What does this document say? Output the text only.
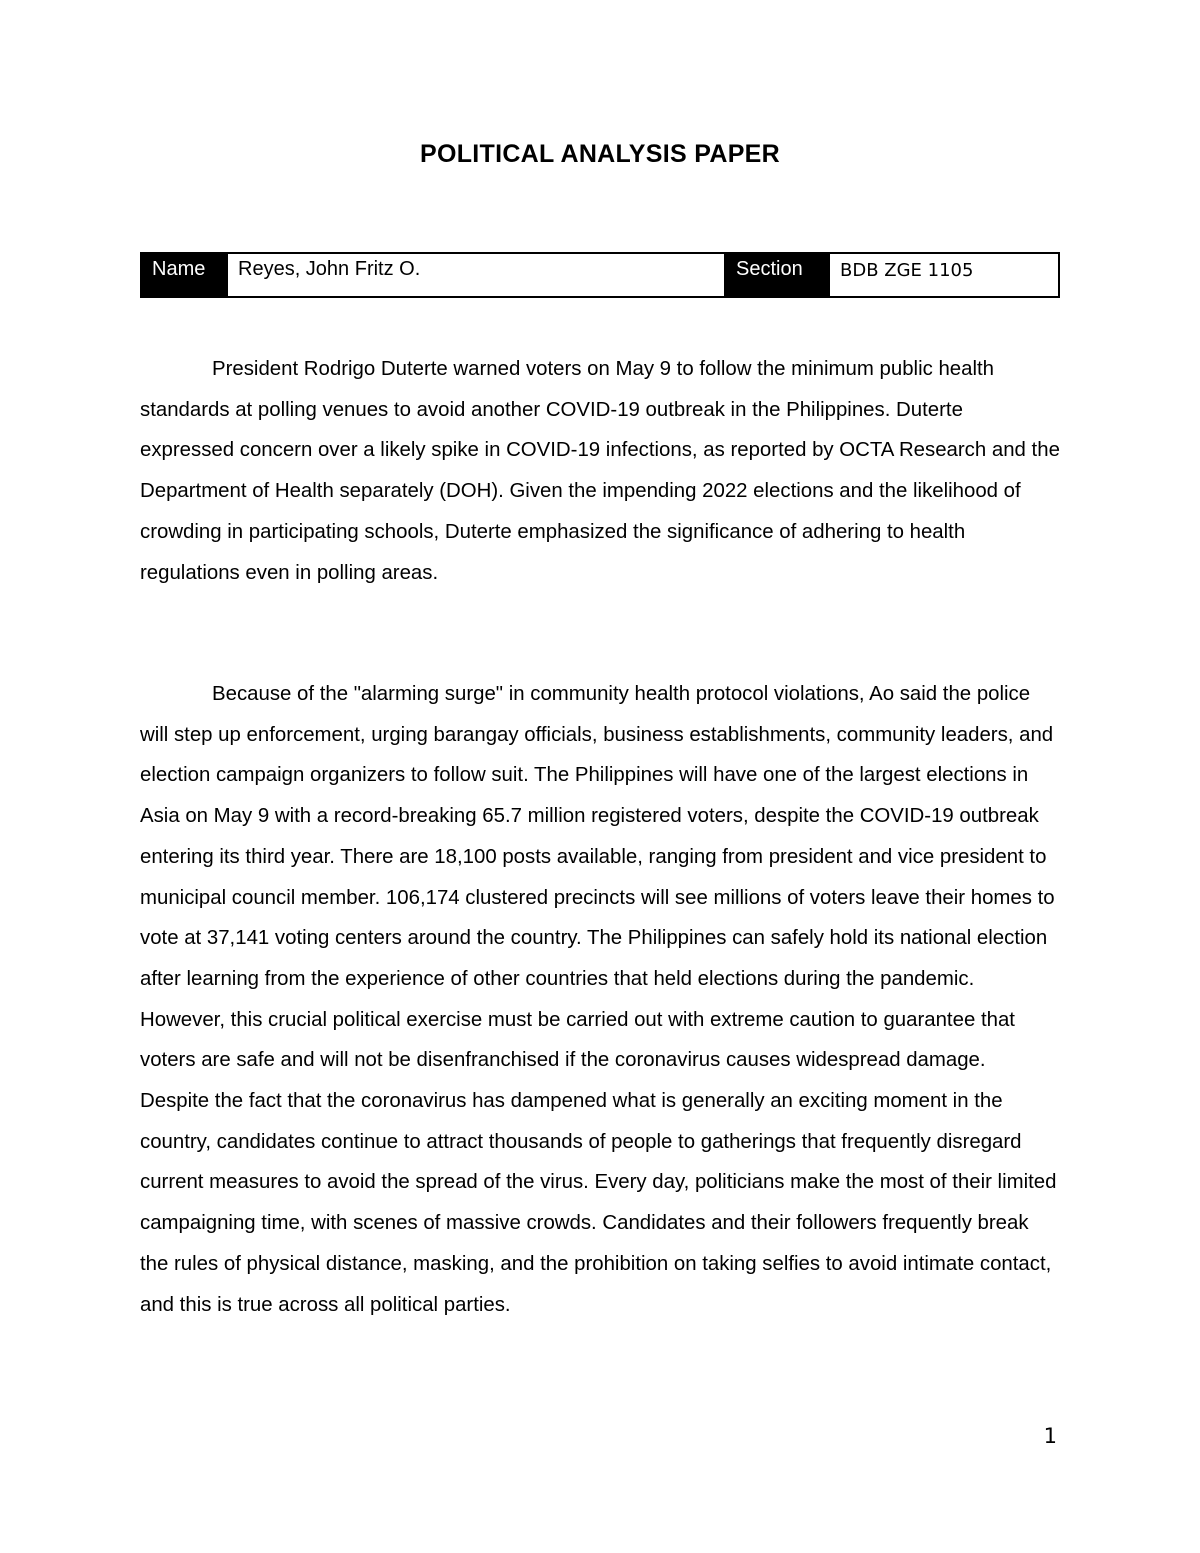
POLITICAL ANALYSIS PAPER
Name	Reyes, John Fritz O.	Section	BDB ZGE 1105

President Rodrigo Duterte warned voters on May 9 to follow the minimum public health standards at polling venues to avoid another COVID-19 outbreak in the Philippines. Duterte expressed concern over a likely spike in COVID-19 infections, as reported by OCTA Research and the Department of Health separately (DOH). Given the impending 2022 elections and the likelihood of crowding in participating schools, Duterte emphasized the significance of adhering to health regulations even in polling areas.

Because of the "alarming surge" in community health protocol violations, Ao said the police will step up enforcement, urging barangay officials, business establishments, community leaders, and election campaign organizers to follow suit. The Philippines will have one of the largest elections in Asia on May 9 with a record-breaking 65.7 million registered voters, despite the COVID-19 outbreak entering its third year. There are 18,100 posts available, ranging from president and vice president to municipal council member. 106,174 clustered precincts will see millions of voters leave their homes to vote at 37,141 voting centers around the country. The Philippines can safely hold its national election after learning from the experience of other countries that held elections during the pandemic. However, this crucial political exercise must be carried out with extreme caution to guarantee that voters are safe and will not be disenfranchised if the coronavirus causes widespread damage. Despite the fact that the coronavirus has dampened what is generally an exciting moment in the country, candidates continue to attract thousands of people to gatherings that frequently disregard current measures to avoid the spread of the virus. Every day, politicians make the most of their limited campaigning time, with scenes of massive crowds. Candidates and their followers frequently break the rules of physical distance, masking, and the prohibition on taking selfies to avoid intimate contact, and this is true across all political parties.

1
